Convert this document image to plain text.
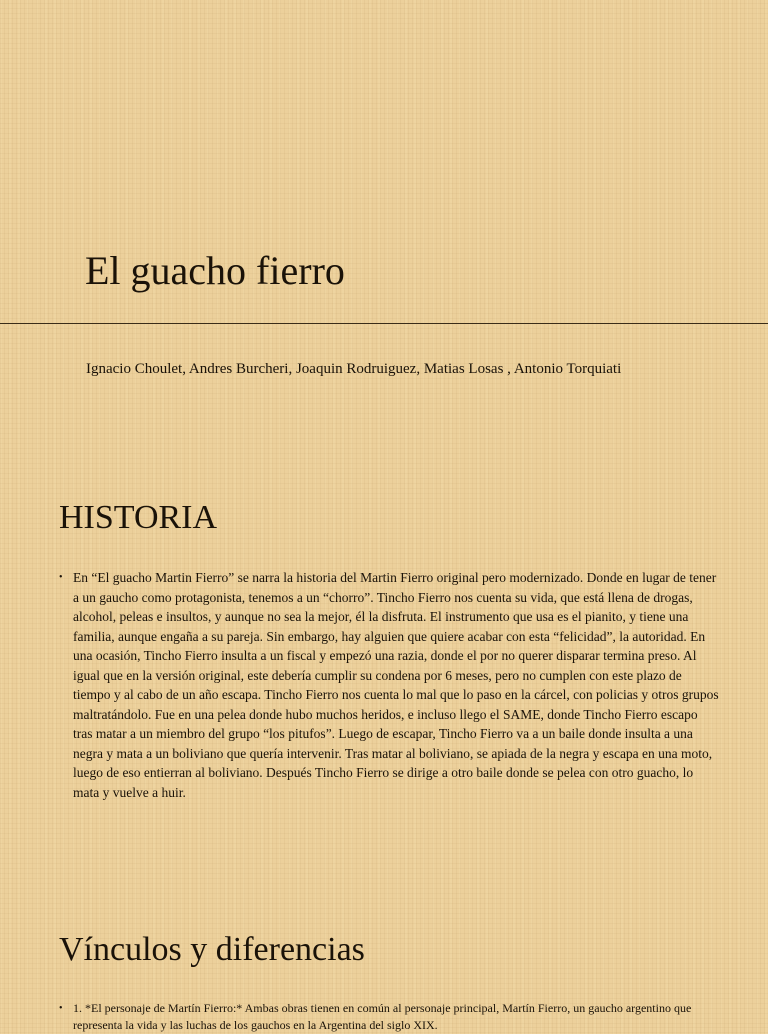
El guacho fierro

Ignacio Choulet, Andres Burcheri, Joaquin Rodruiguez, Matias Losas , Antonio Torquiati

HISTORIA
• En “El guacho Martin Fierro” se narra la historia del Martin Fierro original pero modernizado. Donde en lugar de tener a un gaucho como protagonista, tenemos a un “chorro”. Tincho Fierro nos cuenta su vida, que está llena de drogas, alcohol, peleas e insultos, y aunque no sea la mejor, él la disfruta. El instrumento que usa es el pianito, y tiene una familia, aunque engaña a su pareja. Sin embargo, hay alguien que quiere acabar con esta “felicidad”, la autoridad. En una ocasión, Tincho Fierro insulta a un fiscal y empezó una razia, donde el por no querer disparar termina preso. Al igual que en la versión original, este debería cumplir su condena por 6 meses, pero no cumplen con este plazo de tiempo y al cabo de un año escapa. Tincho Fierro nos cuenta lo mal que lo paso en la cárcel, con policias y otros grupos maltratándolo. Fue en una pelea donde hubo muchos heridos, e incluso llego el SAME, donde Tincho Fierro escapo tras matar a un miembro del grupo “los pitufos”. Luego de escapar, Tincho Fierro va a un baile donde insulta a una negra y mata a un boliviano que quería intervenir. Tras matar al boliviano, se apiada de la negra y escapa en una moto, luego de eso entierran al boliviano. Después Tincho Fierro se dirige a otro baile donde se pelea con otro guacho, lo mata y vuelve a huir.
Vínculos y diferencias
• 1. *El personaje de Martín Fierro:* Ambas obras tienen en común al personaje principal, Martín Fierro, un gaucho argentino que representa la vida y las luchas de los gauchos en la Argentina del siglo XIX.
